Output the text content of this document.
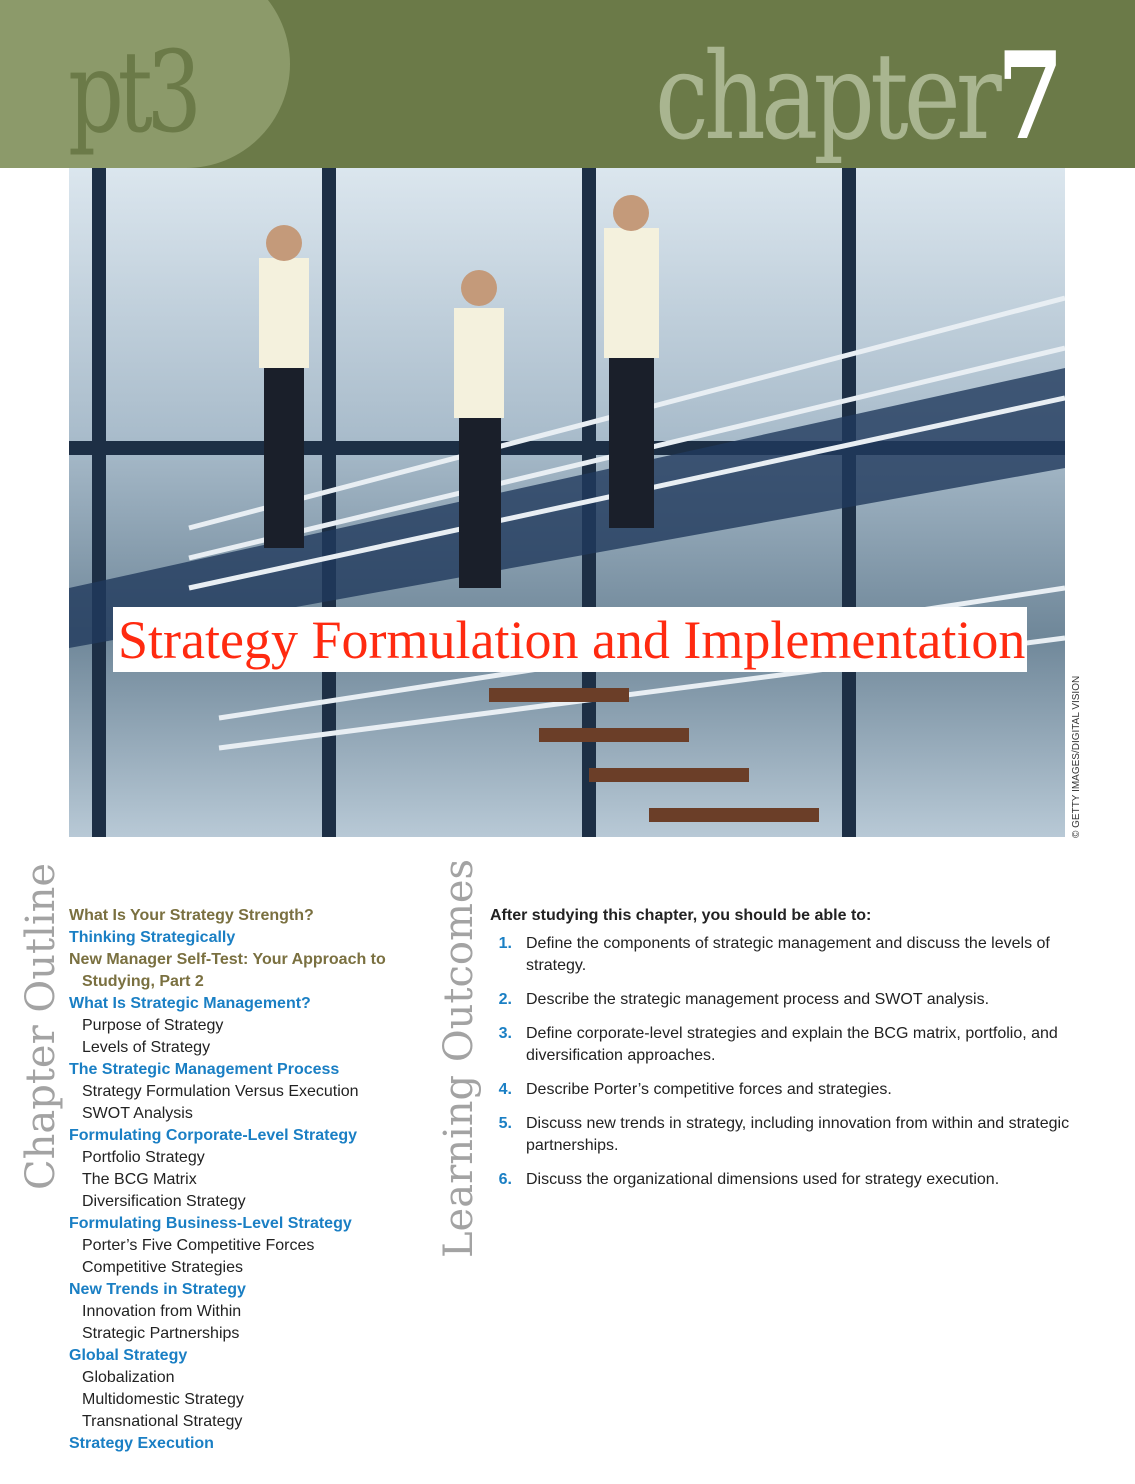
pt3	chapter7
Strategy Formulation and Implementation
© GETTY IMAGES/DIGITAL VISION
Chapter Outline	Learning Outcomes
What Is Your Strategy Strength?
Thinking Strategically
New Manager Self-Test: Your Approach to
Studying, Part 2
What Is Strategic Management?
Purpose of Strategy
Levels of Strategy
The Strategic Management Process
Strategy Formulation Versus Execution
SWOT Analysis
Formulating Corporate-Level Strategy
Portfolio Strategy
The BCG Matrix
Diversification Strategy
Formulating Business-Level Strategy
Porter’s Five Competitive Forces
Competitive Strategies
New Trends in Strategy
Innovation from Within
Strategic Partnerships
Global Strategy
Globalization
Multidomestic Strategy
Transnational Strategy
Strategy Execution
After studying this chapter, you should be able to:
1. Define the components of strategic management and discuss the levels of strategy.
2. Describe the strategic management process and SWOT analysis.
3. Define corporate-level strategies and explain the BCG matrix, portfolio, and diversification approaches.
4. Describe Porter’s competitive forces and strategies.
5. Discuss new trends in strategy, including innovation from within and strategic partnerships.
6. Discuss the organizational dimensions used for strategy execution.
